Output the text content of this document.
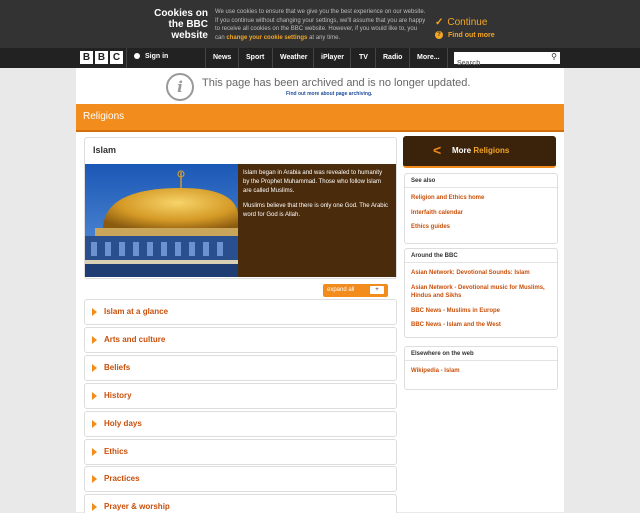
Cookies on the BBC website
We use cookies to ensure that we give you the best experience on our website. If you continue without changing your settings, we'll assume that you are happy to receive all cookies on the BBC website. However, if you would like to, you can change your cookie settings at any time.
✓ Continue
? Find out more
B B C	Sign in	News Sport Weather iPlayer TV Radio More...
Search	⚲
i	This page has been archived and is no longer updated.
Find out more about page archiving.
Religions
Islam

Islam began in Arabia and was revealed to humanity by the Prophet Muhammad. Those who follow Islam are called Muslims.

Muslims believe that there is only one God. The Arabic word for God is Allah.

expand all	+
Islam at a glance
Arts and culture
Beliefs
History
Holy days
Ethics
Practices
Prayer & worship
< More Religions
See also
Religion and Ethics home
Interfaith calendar
Ethics guides
Around the BBC
Asian Network: Devotional Sounds: Islam
Asian Network - Devotional music for Muslims, Hindus and Sikhs
BBC News - Muslims in Europe
BBC News - Islam and the West
Elsewhere on the web
Wikipedia - Islam
